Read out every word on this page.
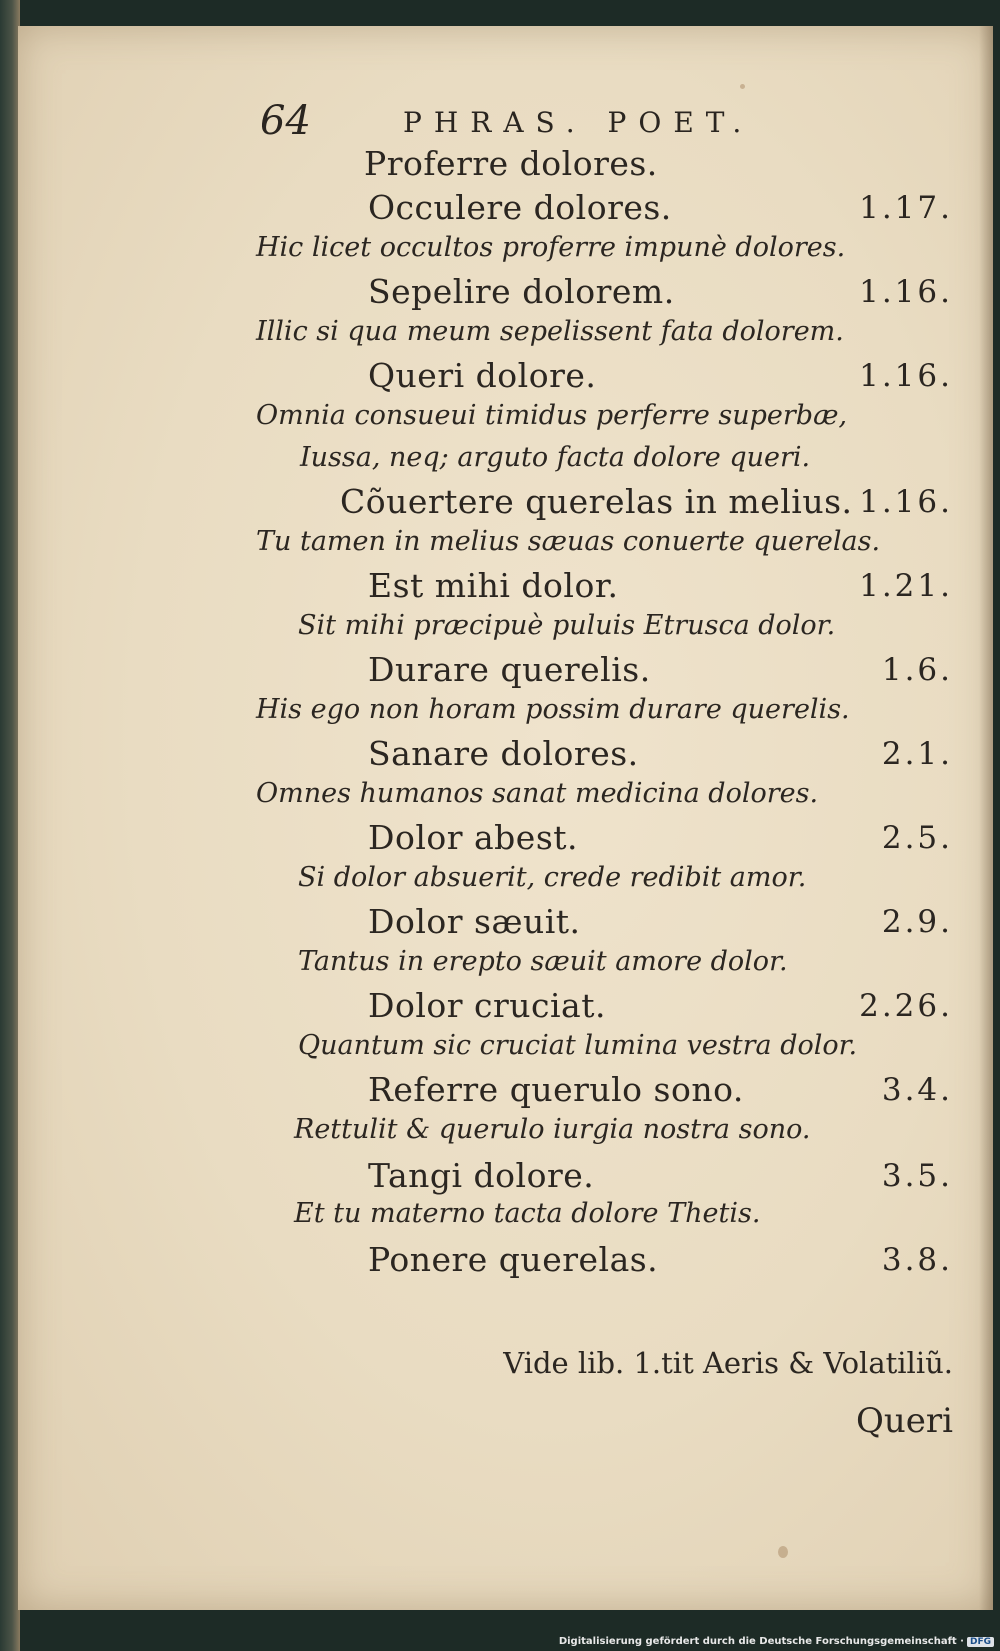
64	PHRAS. POET.
Proferre dolores.
Occulere dolores.	1.17.
Hic licet occultos proferre impunè dolores.
Sepelire dolorem.	1.16.
Illic si qua meum sepelissent fata dolorem.
Queri dolore.	1.16.
Omnia consueui timidus perferre superbæ,
Iussa, neq; arguto facta dolore queri.
Cõuertere querelas in melius. 1.16.
Tu tamen in melius sæuas conuerte querelas.
Est mihi dolor.	1.21.
Sit mihi præcipuè puluis Etrusca dolor.
Durare querelis.	1.6.
His ego non horam possim durare querelis.
Sanare dolores.	2.1.
Omnes humanos sanat medicina dolores.
Dolor abest.	2.5.
Si dolor absuerit, crede redibit amor.
Dolor sæuit.	2.9.
Tantus in erepto sæuit amore dolor.
Dolor cruciat.	2.26.
Quantum sic cruciat lumina vestra dolor.
Referre querulo sono.	3.4.
Rettulit & querulo iurgia nostra sono.
Tangi dolore.	3.5.
Et tu materno tacta dolore Thetis.
Ponere querelas.	3.8.
Vide lib. 1.tit Aeris & Volatiliũ.
Queri
Digitalisierung gefördert durch die Deutsche Forschungsgemeinschaft · DFG
